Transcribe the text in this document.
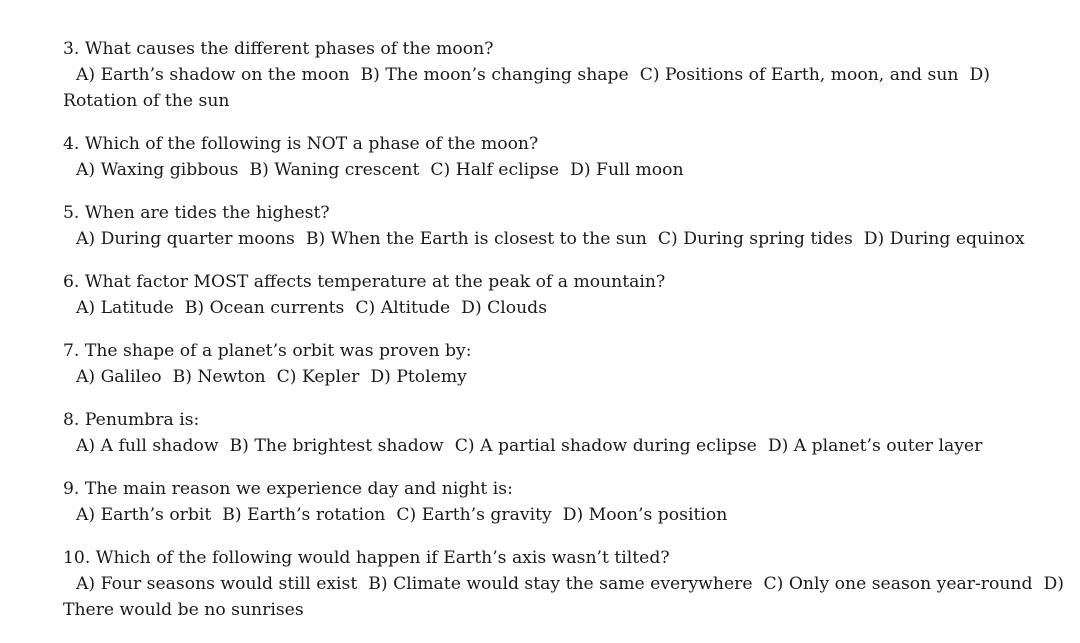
3. What causes the different phases of the moon?

A) Earth’s shadow on the moon B) The moon’s changing shape C) Positions of Earth, moon, and sun D) Rotation of the sun

4. Which of the following is NOT a phase of the moon?

A) Waxing gibbous B) Waning crescent C) Half eclipse D) Full moon

5. When are tides the highest?

A) During quarter moons B) When the Earth is closest to the sun C) During spring tides D) During equinox

6. What factor MOST affects temperature at the peak of a mountain?

A) Latitude B) Ocean currents C) Altitude D) Clouds

7. The shape of a planet’s orbit was proven by:

A) Galileo B) Newton C) Kepler D) Ptolemy

8. Penumbra is:

A) A full shadow B) The brightest shadow C) A partial shadow during eclipse D) A planet’s outer layer

9. The main reason we experience day and night is:

A) Earth’s orbit B) Earth’s rotation C) Earth’s gravity D) Moon’s position

10. Which of the following would happen if Earth’s axis wasn’t tilted?

A) Four seasons would still exist B) Climate would stay the same everywhere C) Only one season year-round D) There would be no sunrises
